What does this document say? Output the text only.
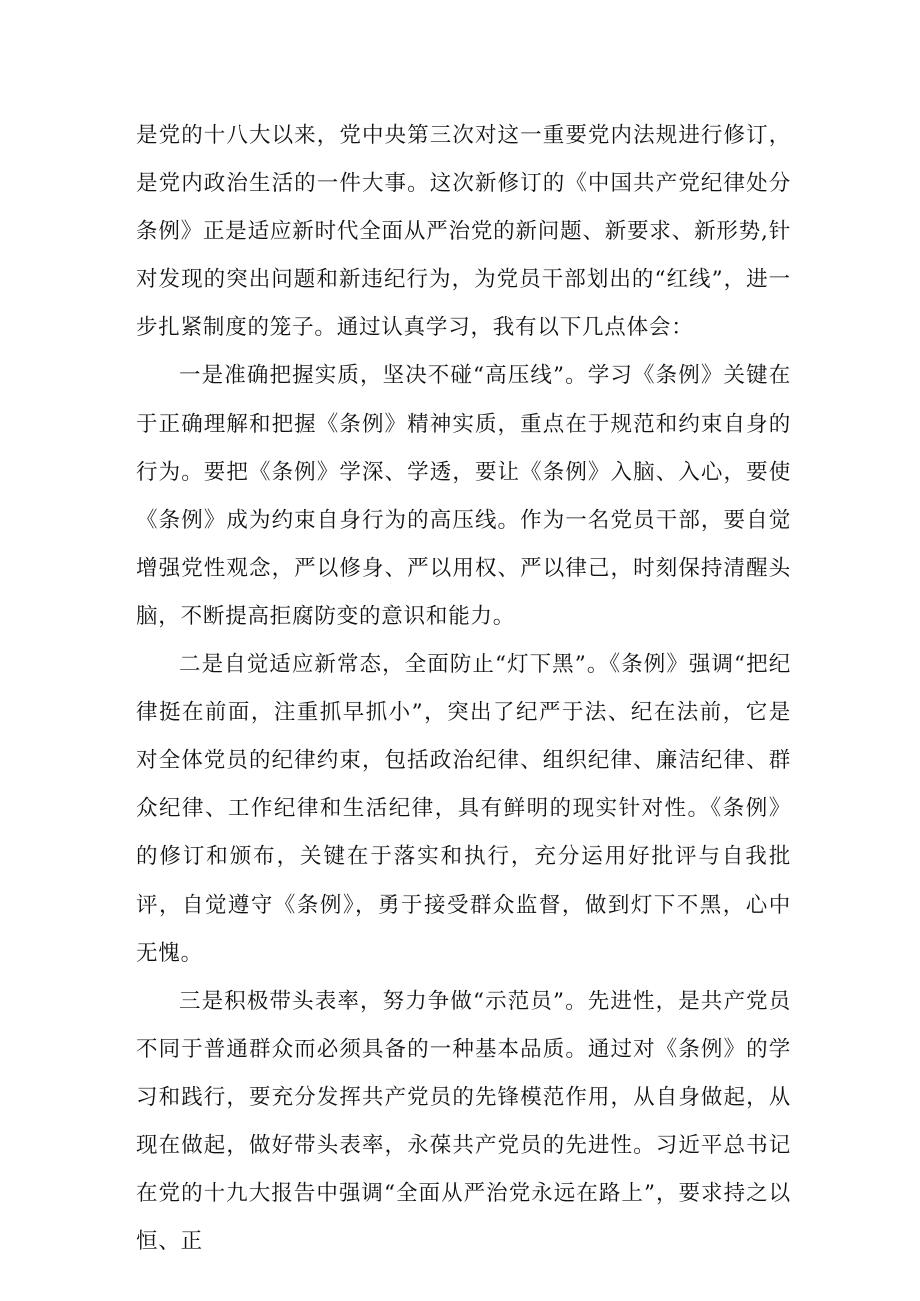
是党的十八大以来，党中央第三次对这一重要党内法规进行修订，是党内政治生活的一件大事。这次新修订的《中国共产党纪律处分条例》正是适应新时代全面从严治党的新问题、新要求、新形势,针对发现的突出问题和新违纪行为，为党员干部划出的“红线”，进一步扎紧制度的笼子。通过认真学习，我有以下几点体会：

一是准确把握实质，坚决不碰“高压线”。学习《条例》关键在于正确理解和把握《条例》精神实质，重点在于规范和约束自身的行为。要把《条例》学深、学透，要让《条例》入脑、入心，要使《条例》成为约束自身行为的高压线。作为一名党员干部，要自觉增强党性观念，严以修身、严以用权、严以律己，时刻保持清醒头脑，不断提高拒腐防变的意识和能力。

二是自觉适应新常态，全面防止“灯下黑”。《条例》强调“把纪律挺在前面，注重抓早抓小”，突出了纪严于法、纪在法前，它是对全体党员的纪律约束，包括政治纪律、组织纪律、廉洁纪律、群众纪律、工作纪律和生活纪律，具有鲜明的现实针对性。《条例》的修订和颁布，关键在于落实和执行，充分运用好批评与自我批评，自觉遵守《条例》，勇于接受群众监督，做到灯下不黑，心中无愧。

三是积极带头表率，努力争做“示范员”。先进性，是共产党员不同于普通群众而必须具备的一种基本品质。通过对《条例》的学习和践行，要充分发挥共产党员的先锋模范作用，从自身做起，从现在做起，做好带头表率，永葆共产党员的先进性。习近平总书记在党的十九大报告中强调“全面从严治党永远在路上”，要求持之以恒、正
